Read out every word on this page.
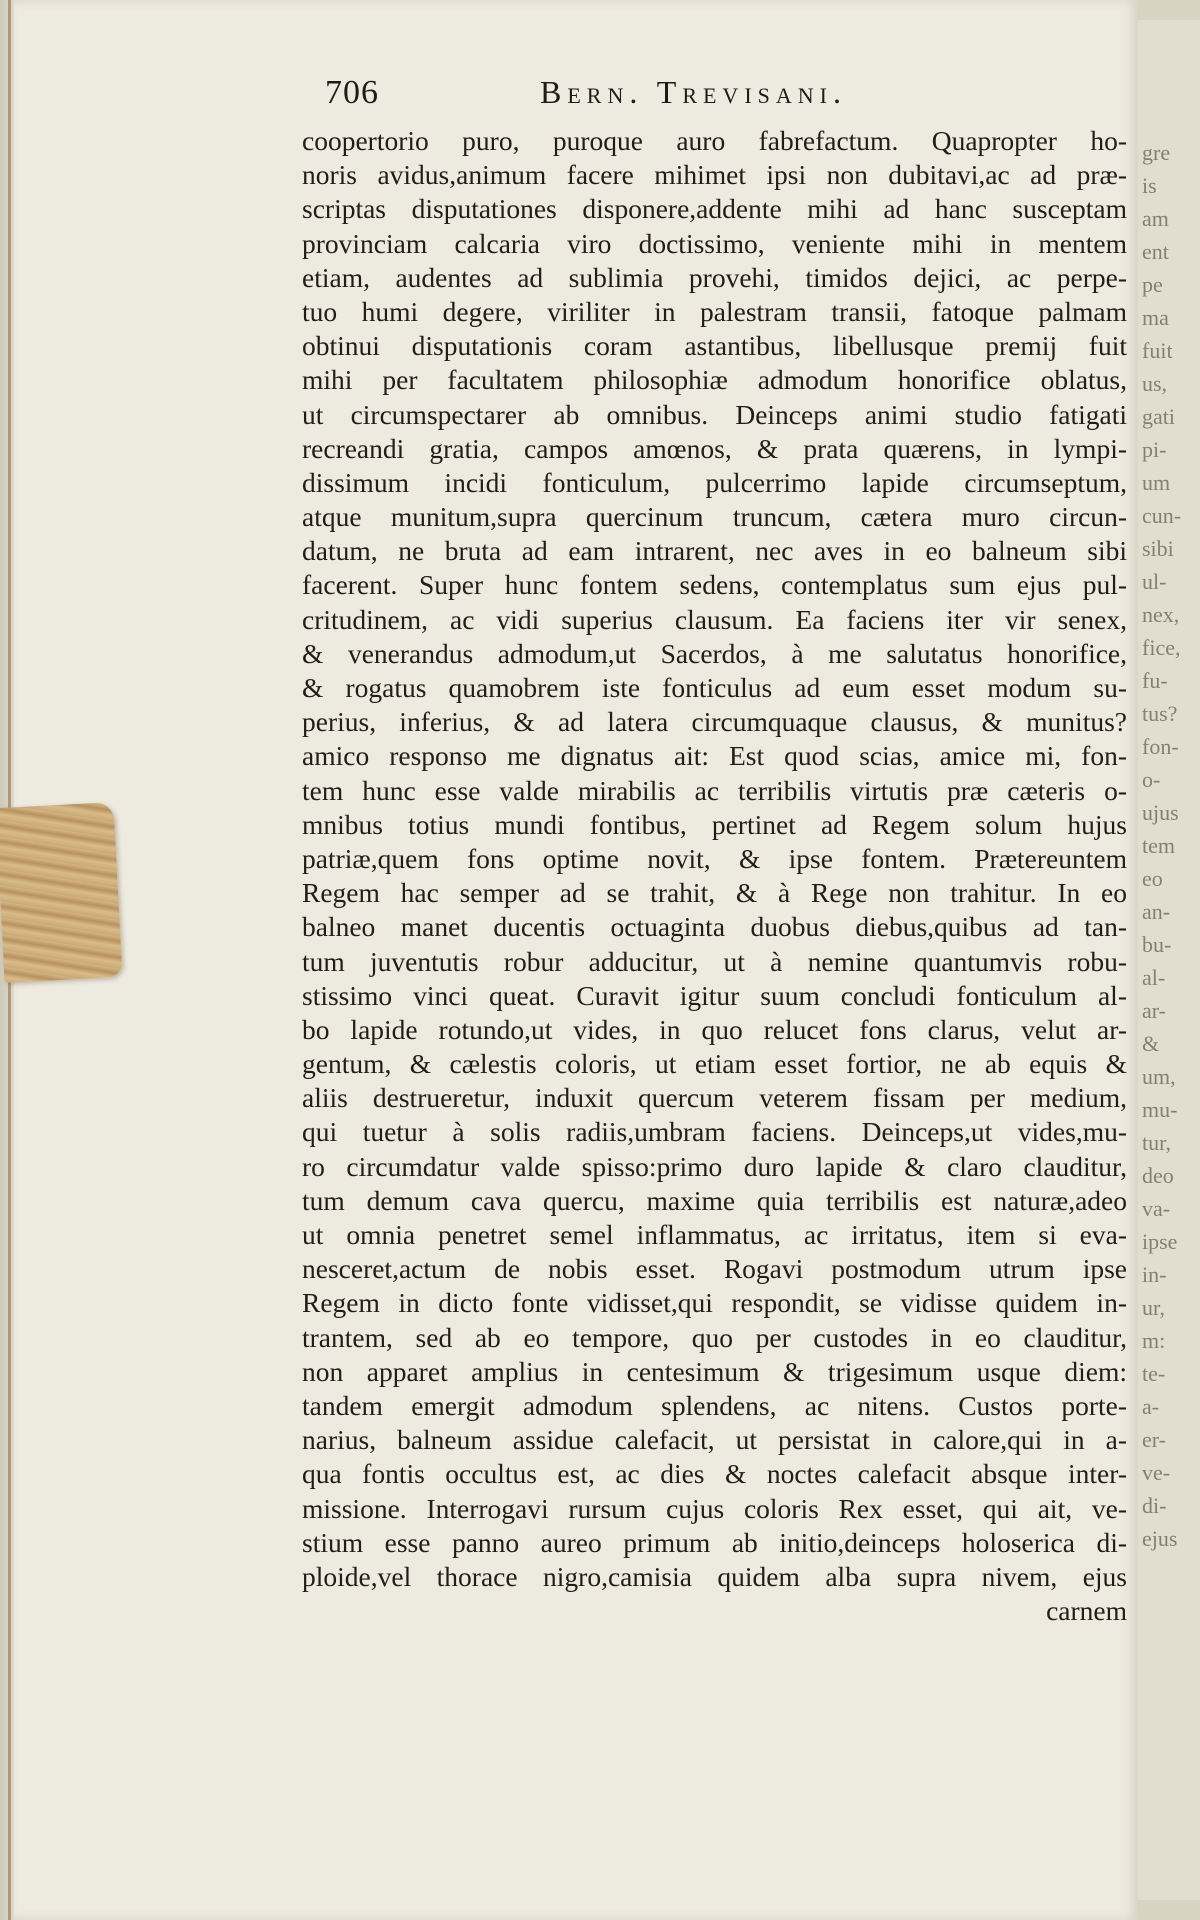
gre
is
am
ent
pe
ma
fuit
us,
gati
pi-
um
cun-
sibi
ul-
nex,
fice,
fu-
tus?
fon-
o-
ujus
tem
eo
an-
bu-
al-
ar-
&
um,
mu-
tur,
deo
va-
ipse
in-
ur,
m:
te-
a-
er-
ve-
di-
ejus
706	Bern. Trevisani.
coopertorio puro, puroque auro fabrefactum. Quapropter ho-
noris avidus,animum facere mihimet ipsi non dubitavi,ac ad præ-
scriptas disputationes disponere,addente mihi ad hanc susceptam
provinciam calcaria viro doctissimo, veniente mihi in mentem
etiam, audentes ad sublimia provehi, timidos dejici, ac perpe-
tuo humi degere, viriliter in palestram transii, fatoque palmam
obtinui disputationis coram astantibus, libellusque premij fuit
mihi per facultatem philosophiæ admodum honorifice oblatus,
ut circumspectarer ab omnibus. Deinceps animi studio fatigati
recreandi gratia, campos amœnos, & prata quærens, in lympi-
dissimum incidi fonticulum, pulcerrimo lapide circumseptum,
atque munitum,supra quercinum truncum, cætera muro circun-
datum, ne bruta ad eam intrarent, nec aves in eo balneum sibi
facerent. Super hunc fontem sedens, contemplatus sum ejus pul-
critudinem, ac vidi superius clausum. Ea faciens iter vir senex,
& venerandus admodum,ut Sacerdos, à me salutatus honorifice,
& rogatus quamobrem iste fonticulus ad eum esset modum su-
perius, inferius, & ad latera circumquaque clausus, & munitus?
amico responso me dignatus ait: Est quod scias, amice mi, fon-
tem hunc esse valde mirabilis ac terribilis virtutis præ cæteris o-
mnibus totius mundi fontibus, pertinet ad Regem solum hujus
patriæ,quem fons optime novit, & ipse fontem. Prætereuntem
Regem hac semper ad se trahit, & à Rege non trahitur. In eo
balneo manet ducentis octuaginta duobus diebus,quibus ad tan-
tum juventutis robur adducitur, ut à nemine quantumvis robu-
stissimo vinci queat. Curavit igitur suum concludi fonticulum al-
bo lapide rotundo,ut vides, in quo relucet fons clarus, velut ar-
gentum, & cælestis coloris, ut etiam esset fortior, ne ab equis &
aliis destrueretur, induxit quercum veterem fissam per medium,
qui tuetur à solis radiis,umbram faciens. Deinceps,ut vides,mu-
ro circumdatur valde spisso:primo duro lapide & claro clauditur,
tum demum cava quercu, maxime quia terribilis est naturæ,adeo
ut omnia penetret semel inflammatus, ac irritatus, item si eva-
nesceret,actum de nobis esset. Rogavi postmodum utrum ipse
Regem in dicto fonte vidisset,qui respondit, se vidisse quidem in-
trantem, sed ab eo tempore, quo per custodes in eo clauditur,
non apparet amplius in centesimum & trigesimum usque diem:
tandem emergit admodum splendens, ac nitens. Custos porte-
narius, balneum assidue calefacit, ut persistat in calore,qui in a-
qua fontis occultus est, ac dies & noctes calefacit absque inter-
missione. Interrogavi rursum cujus coloris Rex esset, qui ait, ve-
stium esse panno aureo primum ab initio,deinceps holoserica di-
ploide,vel thorace nigro,camisia quidem alba supra nivem, ejus
carnem
